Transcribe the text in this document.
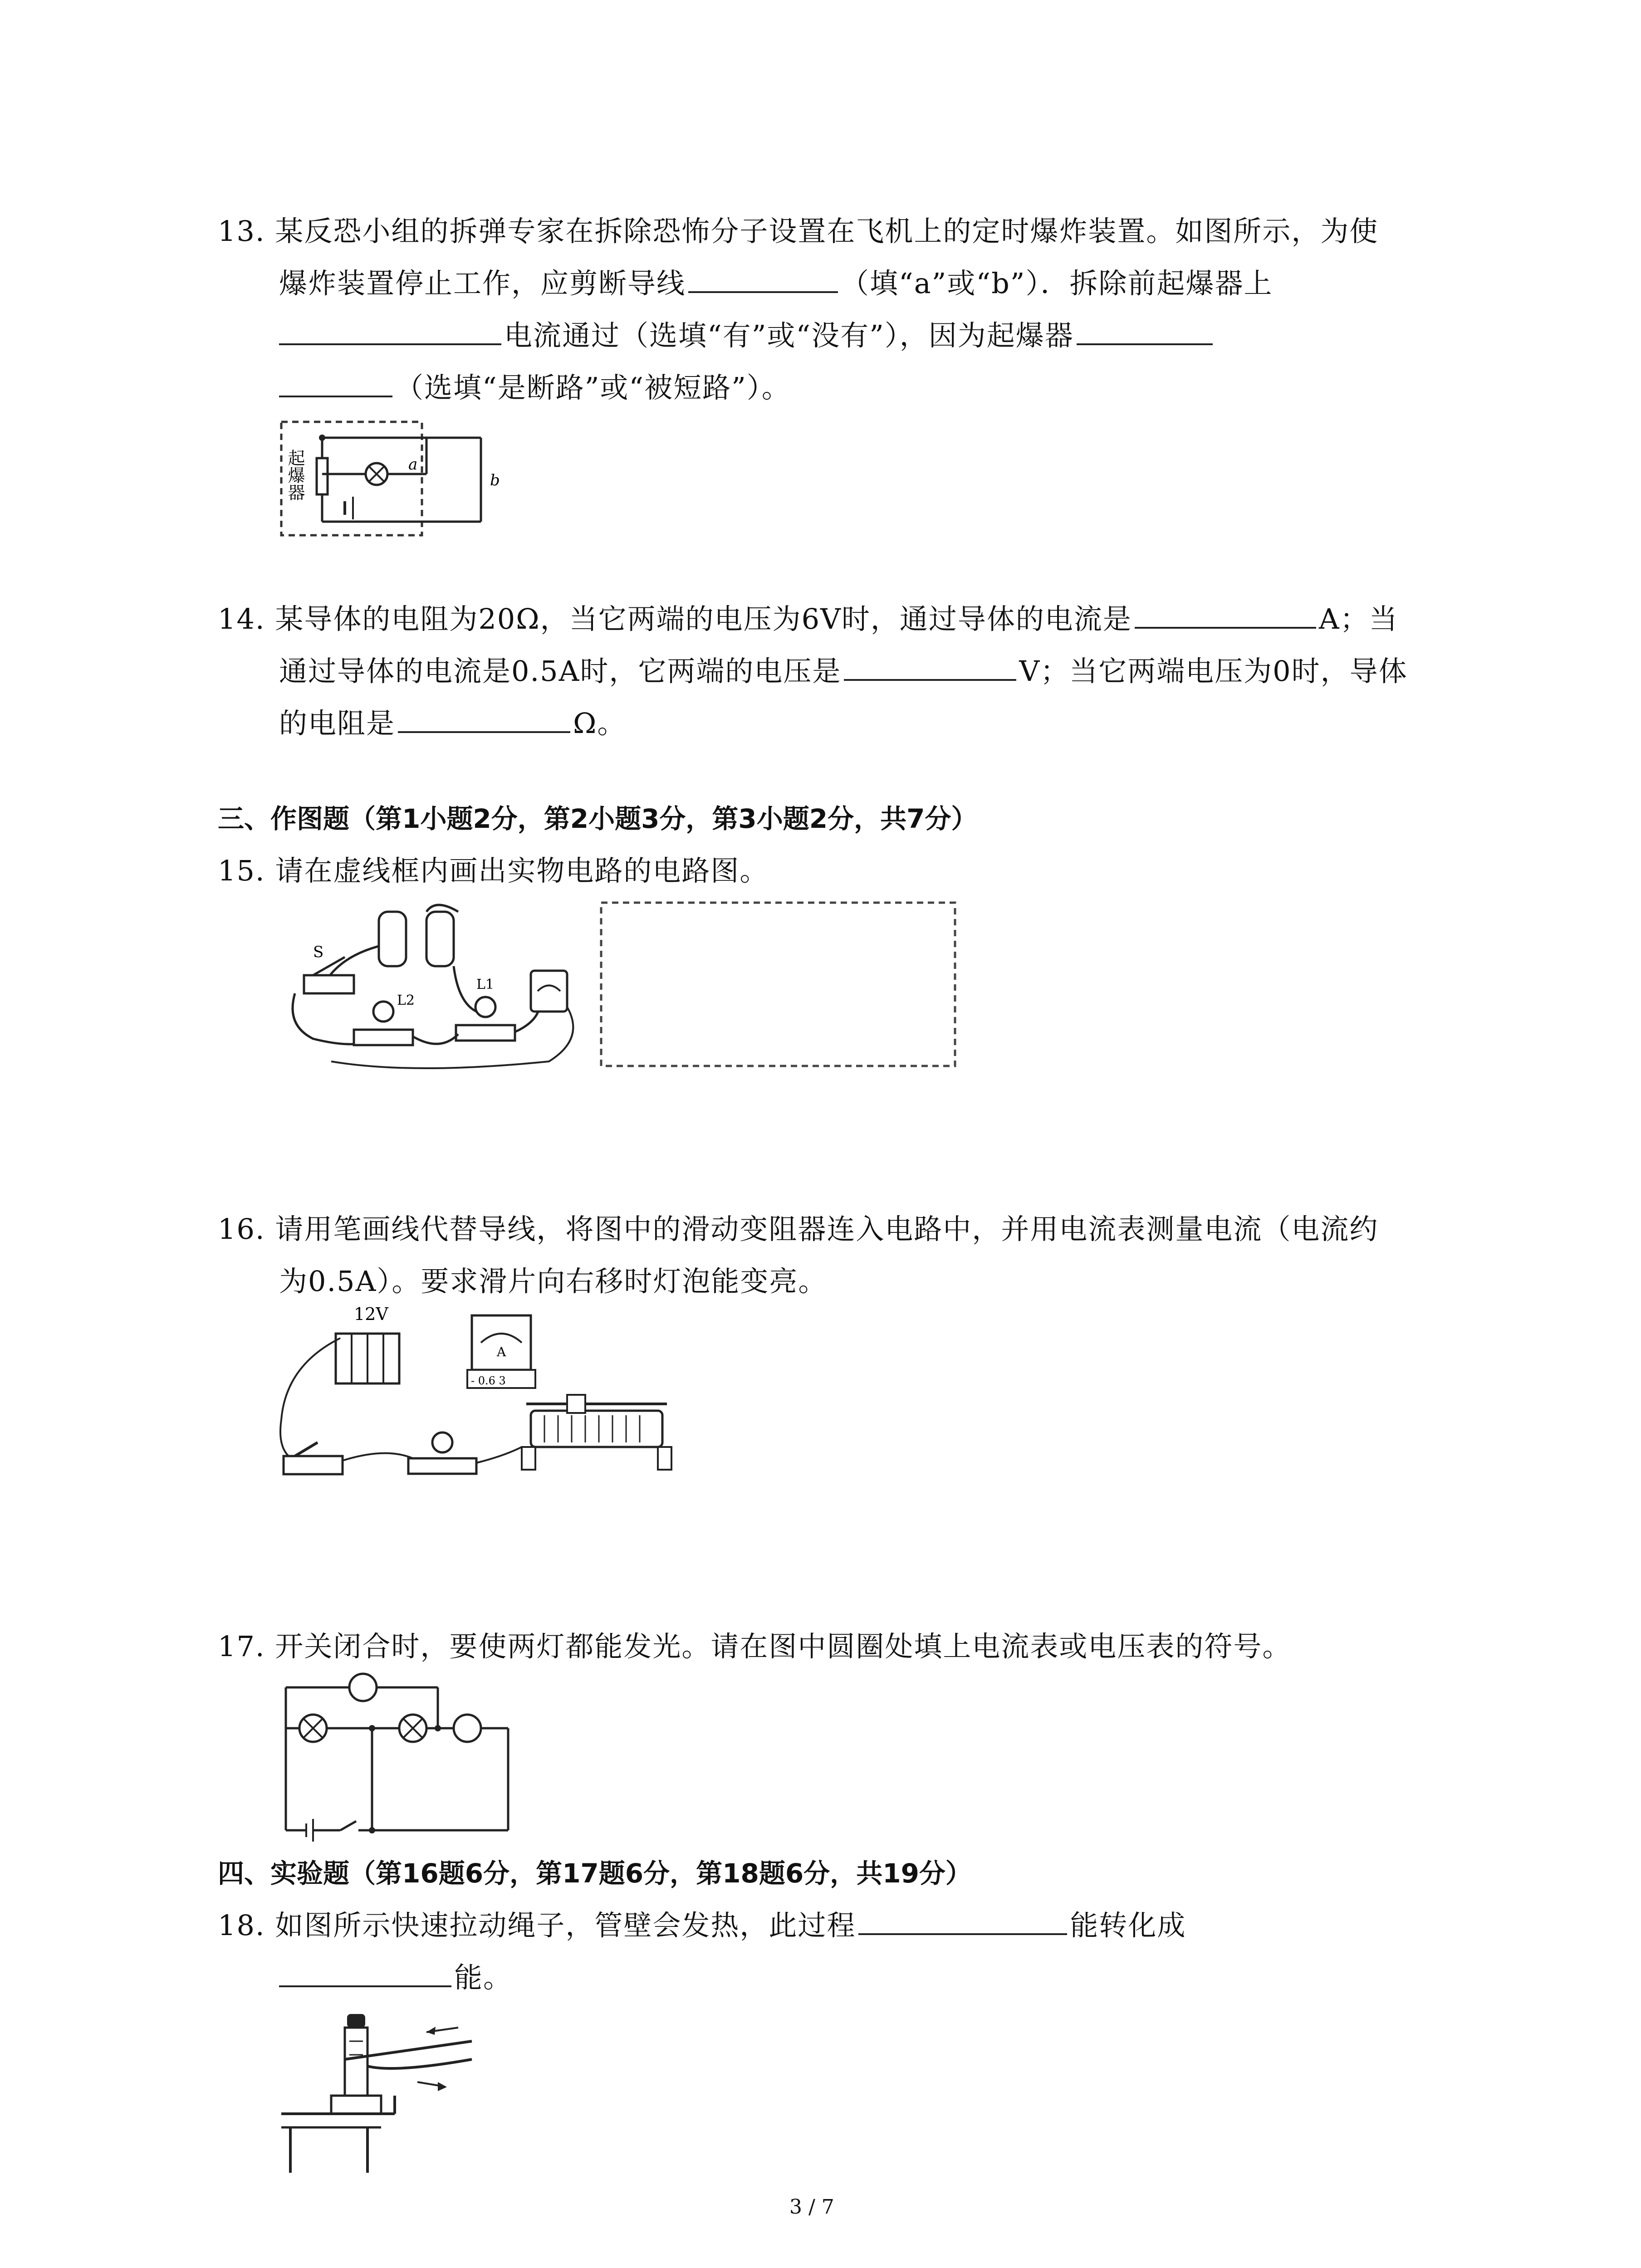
13. 某反恐小组的拆弹专家在拆除恐怖分子设置在飞机上的定时爆炸装置。如图所示，为使
爆炸装置停止工作，应剪断导线	（填“a”或“b”）．拆除前起爆器上
电流通过（选填“有”或“没有”），因为起爆器
（选填“是断路”或“被短路”）。
起爆器	a
b
14. 某导体的电阻为20Ω，当它两端的电压为6V时，通过导体的电流是	A；当
通过导体的电流是0.5A时，它两端的电压是	V；当它两端电压为0时，导体
的电阻是	Ω。
三、作图题（第1小题2分，第2小题3分，第3小题2分，共7分）
15. 请在虚线框内画出实物电路的电路图。
S
L2
L1
16. 请用笔画线代替导线，将图中的滑动变阻器连入电路中，并用电流表测量电流（电流约
为0.5A）。要求滑片向右移时灯泡能变亮。
12V
A
- 0.6 3
17. 开关闭合时，要使两灯都能发光。请在图中圆圈处填上电流表或电压表的符号。
四、实验题（第16题6分，第17题6分，第18题6分，共19分）
18. 如图所示快速拉动绳子，管壁会发热，此过程	能转化成
能。
3 / 7
